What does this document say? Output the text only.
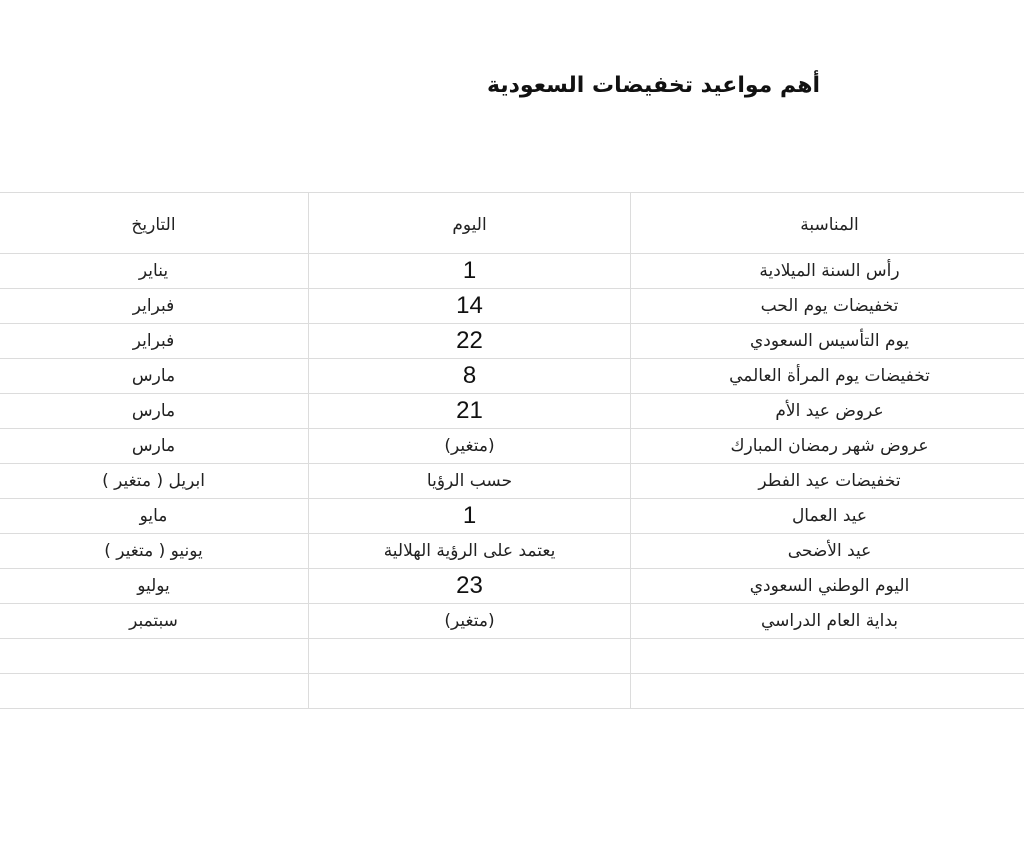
أهم مواعيد تخفيضات السعودية
المناسبة	اليوم	التاريخ
رأس السنة الميلادية	1	يناير
تخفيضات يوم الحب	14	فبراير
يوم التأسيس السعودي	22	فبراير
تخفيضات يوم المرأة العالمي	8	مارس
عروض عيد الأم	21	مارس
عروض شهر رمضان المبارك	(متغير)	مارس
تخفيضات عيد الفطر	حسب الرؤيا	ابريل ( متغير )
عيد العمال	1	مايو
عيد الأضحى	يعتمد على الرؤية الهلالية	يونيو ( متغير )
اليوم الوطني السعودي	23	يوليو
بداية العام الدراسي	(متغير)	سبتمبر
